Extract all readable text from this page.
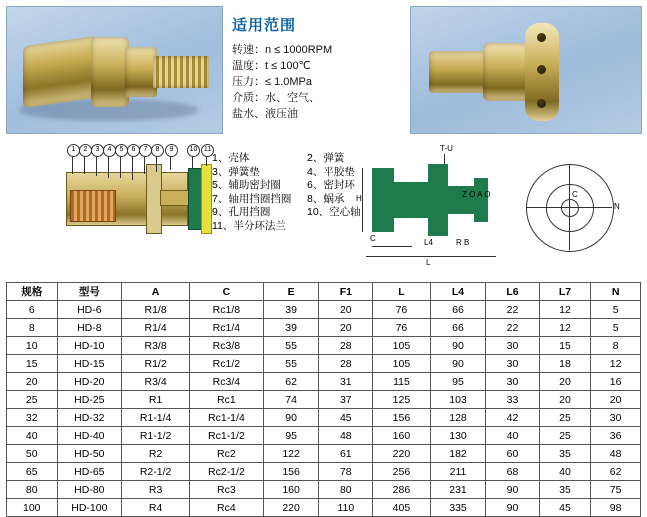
适用范围
转速：n ≤ 1000RPM
温度：t ≤ 100℃
压力：≤ 1.0MPa
介质：水、空气、
盐水、液压油
1	2	3	4	5	6	7	8	9	10 11
1、壳体	2、弹簧
3、弹簧垫	4、平胶垫
5、辅助密封圈	6、密封环
7、轴用挡圈挡圈	8、蜗承
9、孔用挡圈	10、空心轴
11、半分环法兰
T-U
H
C	L4	R B
L
Z O A O	C
N
规格	型号	A	C	E	F1	L	L4	L6	L7	N
6	HD-6	R1/8	Rc1/8	39	20	76	66	22	12	5
8	HD-8	R1/4	Rc1/4	39	20	76	66	22	12	5
10	HD-10	R3/8	Rc3/8	55	28	105	90	30	15	8
15	HD-15	R1/2	Rc1/2	55	28	105	90	30	18	12
20	HD-20	R3/4	Rc3/4	62	31	115	95	30	20	16
25	HD-25	R1	Rc1	74	37	125	103	33	20	20
32	HD-32	R1-1/4	Rc1-1/4	90	45	156	128	42	25	30
40	HD-40	R1-1/2	Rc1-1/2	95	48	160	130	40	25	36
50	HD-50	R2	Rc2	122	61	220	182	60	35	48
65	HD-65	R2-1/2	Rc2-1/2	156	78	256	211	68	40	62
80	HD-80	R3	Rc3	160	80	286	231	90	35	75
100	HD-100	R4	Rc4	220	110	405	335	90	45	98
